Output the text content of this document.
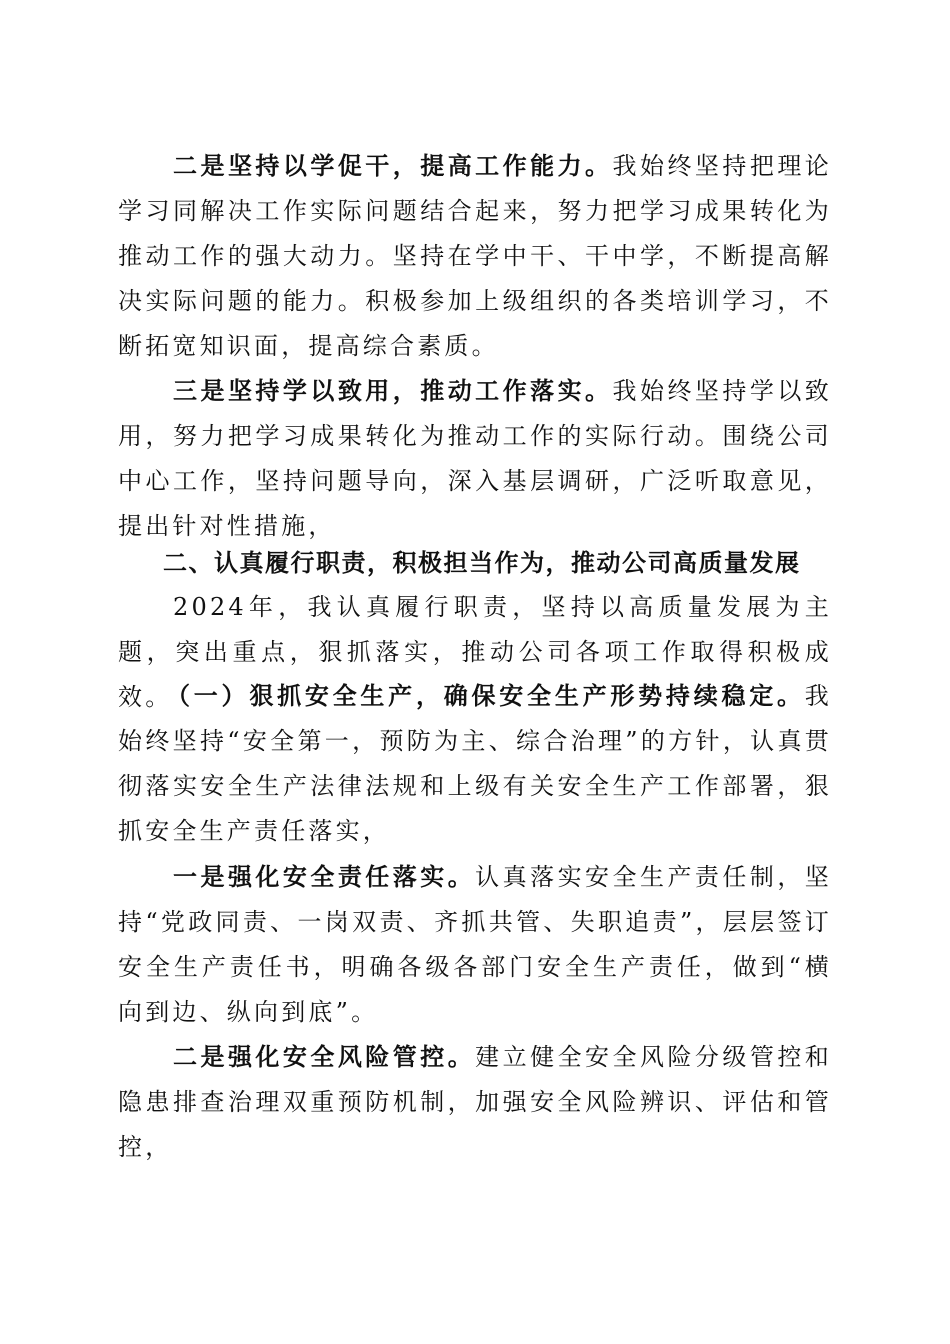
二是坚持以学促干，提高工作能力。我始终坚持把理论学习同解决工作实际问题结合起来，努力把学习成果转化为推动工作的强大动力。坚持在学中干、干中学，不断提高解决实际问题的能力。积极参加上级组织的各类培训学习，不断拓宽知识面，提高综合素质。

三是坚持学以致用，推动工作落实。我始终坚持学以致用，努力把学习成果转化为推动工作的实际行动。围绕公司中心工作，坚持问题导向，深入基层调研，广泛听取意见，提出针对性措施，

二、认真履行职责，积极担当作为，推动公司高质量发展

2024年，我认真履行职责，坚持以高质量发展为主题，突出重点，狠抓落实，推动公司各项工作取得积极成效。

（一）狠抓安全生产，确保安全生产形势持续稳定。我始终坚持“安全第一，预防为主、综合治理”的方针，认真贯彻落实安全生产法律法规和上级有关安全生产工作部署，狠抓安全生产责任落实，

一是强化安全责任落实。认真落实安全生产责任制，坚持“党政同责、一岗双责、齐抓共管、失职追责”，层层签订安全生产责任书，明确各级各部门安全生产责任，做到“横向到边、纵向到底”。

二是强化安全风险管控。建立健全安全风险分级管控和隐患排查治理双重预防机制，加强安全风险辨识、评估和管控，
